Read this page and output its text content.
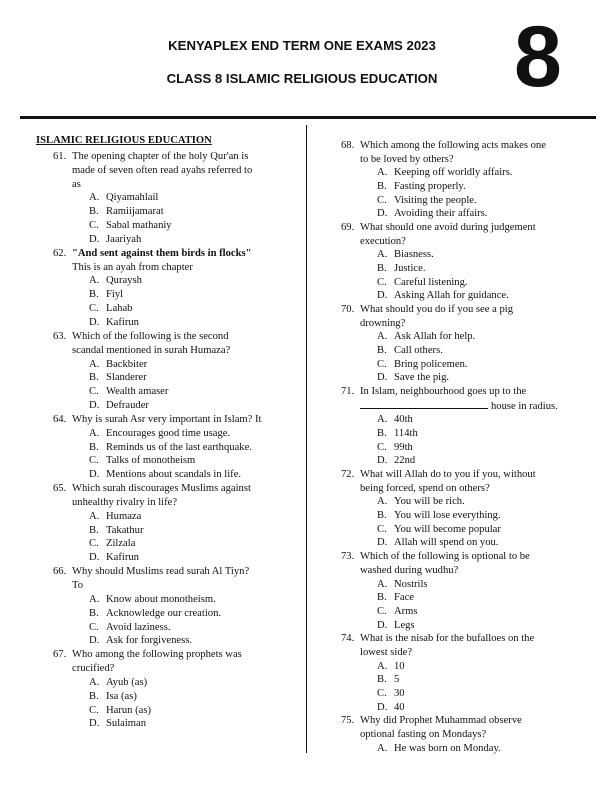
KENYAPLEX END TERM ONE EXAMS 2023
CLASS 8 ISLAMIC RELIGIOUS EDUCATION 8
ISLAMIC RELIGIOUS EDUCATION
61. The opening chapter of the holy Qur'an is
made of seven often read ayahs referred to
as
A. Qiyamahlail
B. Ramiijamarat
C. Sabal mathaniy
D. Jaariyah
62. "And sent against them birds in flocks"
This is an ayah from chapter
A. Quraysh
B. Fiyl
C. Lahab
D. Kafirun
63. Which of the following is the second
scandal mentioned in surah Humaza?
A. Backbiter
B. Slanderer
C. Wealth amaser
D. Defrauder
64. Why is surah Asr very important in Islam? It
A. Encourages good time usage.
B. Reminds us of the last earthquake.
C. Talks of monotheism
D. Mentions about scandals in life.
65. Which surah discourages Muslims against
unhealthy rivalry in life?
A. Humaza
B. Takathur
C. Zilzala
D. Kafirun
66. Why should Muslims read surah Al Tiyn?
To
A. Know about monotheism.
B. Acknowledge our creation.
C. Avoid laziness.
D. Ask for forgiveness.
67. Who among the following prophets was
crucified?
A. Ayub (as)
B. Isa (as)
C. Harun (as)
D. Sulaiman
68. Which among the following acts makes one
to be loved by others?
A. Keeping off worldly affairs.
B. Fasting properly.
C. Visiting the people.
D. Avoiding their affairs.
69. What should one avoid during judgement
execution?
A. Biasness.
B. Justice.
C. Careful listening.
D. Asking Allah for guidance.
70. What should you do if you see a pig
drowning?
A. Ask Allah for help.
B. Call others.
C. Bring policemen.
D. Save the pig.
71. In Islam, neighbourhood goes up to the
house in radius.
A. 40th
B. 114th
C. 99th
D. 22nd
72. What will Allah do to you if you, without
being forced, spend on others?
A. You will be rich.
B. You will lose everything.
C. You will become popular
D. Allah will spend on you.
73. Which of the following is optional to be
washed during wudhu?
A. Nostrils
B. Face
C. Arms
D. Legs
74. What is the nisab for the bufalloes on the
lowest side?
A. 10
B. 5
C. 30
D. 40
75. Why did Prophet Muhammad observe
optional fasting on Mondays?
A. He was born on Monday.
